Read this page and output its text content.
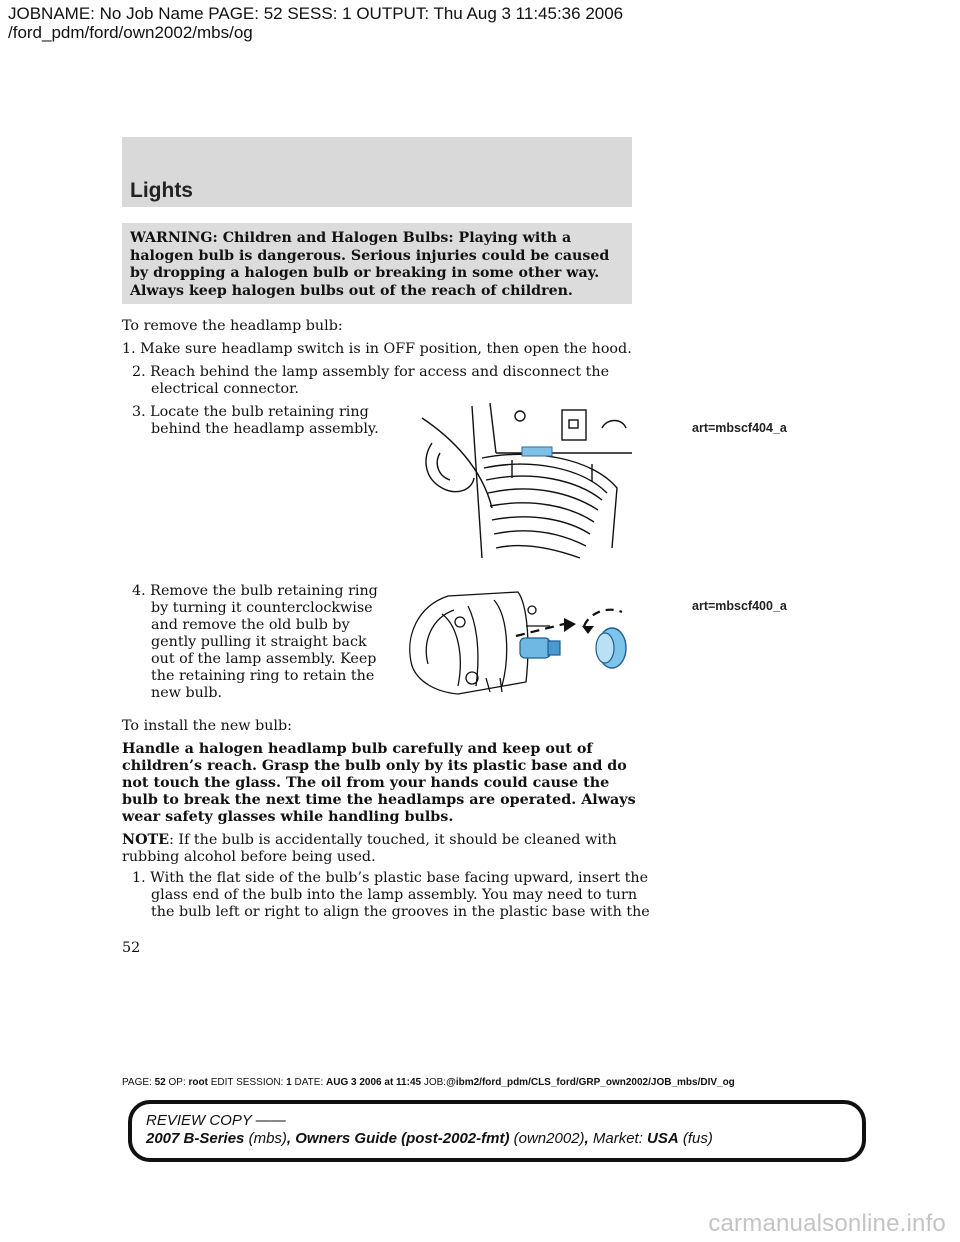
JOBNAME: No Job Name PAGE: 52 SESS: 1 OUTPUT: Thu Aug 3 11:45:36 2006
/ford_pdm/ford/own2002/mbs/og
Lights
WARNING: Children and Halogen Bulbs: Playing with a halogen bulb is dangerous. Serious injuries could be caused by dropping a halogen bulb or breaking in some other way. Always keep halogen bulbs out of the reach of children.
To remove the headlamp bulb:
1. Make sure headlamp switch is in OFF position, then open the hood.
2. Reach behind the lamp assembly for access and disconnect the
electrical connector.
3. Locate the bulb retaining ring
behind the headlamp assembly.	art=mbscf404_a
4. Remove the bulb retaining ring
by turning it counterclockwise
and remove the old bulb by
gently pulling it straight back
out of the lamp assembly. Keep
the retaining ring to retain the
new bulb.
art=mbscf400_a
To install the new bulb:
Handle a halogen headlamp bulb carefully and keep out of children’s reach. Grasp the bulb only by its plastic base and do not touch the glass. The oil from your hands could cause the bulb to break the next time the headlamps are operated. Always wear safety glasses while handling bulbs.
NOTE: If the bulb is accidentally touched, it should be cleaned with rubbing alcohol before being used.
1. With the flat side of the bulb’s plastic base facing upward, insert the
glass end of the bulb into the lamp assembly. You may need to turn
the bulb left or right to align the grooves in the plastic base with the
52
PAGE: 52 OP: root EDIT SESSION: 1 DATE: AUG 3 2006 at 11:45 JOB:@ibm2/ford_pdm/CLS_ford/GRP_own2002/JOB_mbs/DIV_og
REVIEW COPY ——
2007 B-Series (mbs), Owners Guide (post-2002-fmt) (own2002), Market: USA (fus)
carmanualsonline.info
